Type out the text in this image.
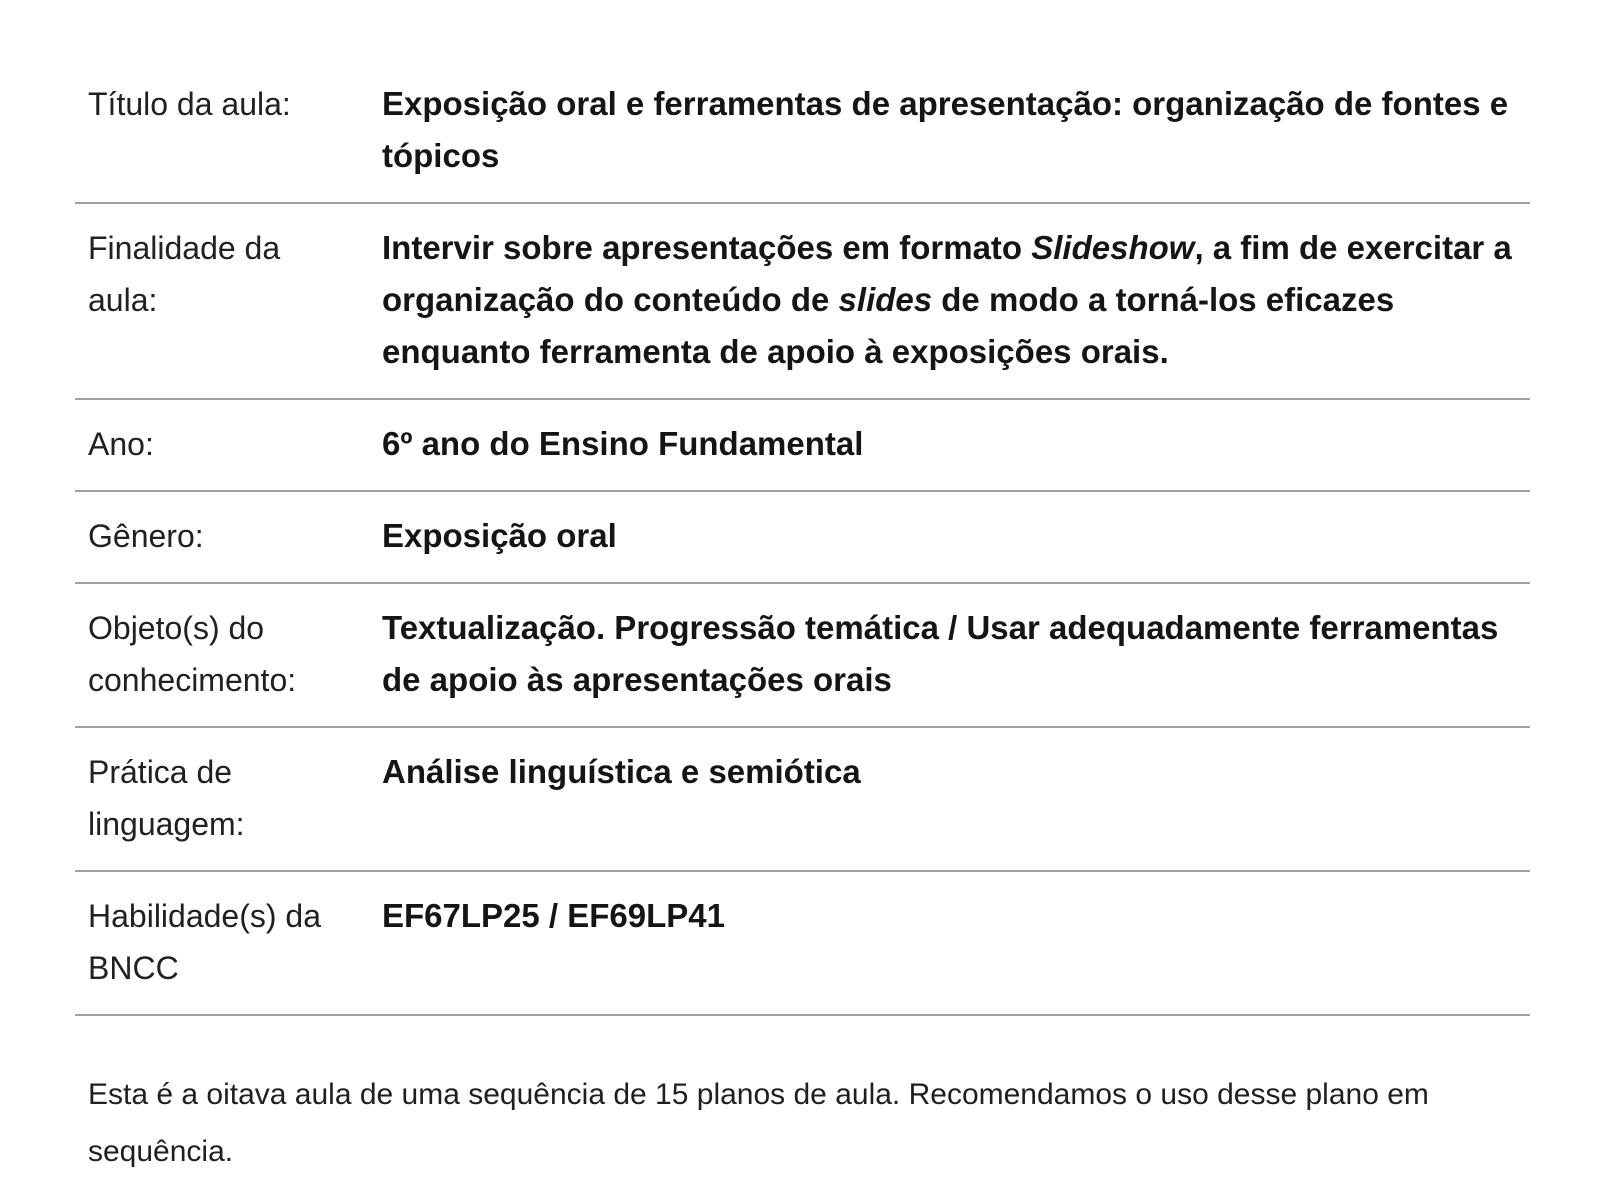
Título da aula:	Exposição oral e ferramentas de apresentação: organização de fontes e tópicos
Finalidade da aula:
Intervir sobre apresentações em formato Slideshow, a fim de exercitar a organização do conteúdo de slides de modo a torná-los eficazes enquanto ferramenta de apoio à exposições orais.
Ano:	6º ano do Ensino Fundamental
Gênero:	Exposição oral
Objeto(s) do conhecimento:
Textualização. Progressão temática / Usar adequadamente ferramentas de apoio às apresentações orais
Prática de linguagem:
Análise linguística e semiótica
Habilidade(s) da BNCC
EF67LP25 / EF69LP41

Esta é a oitava aula de uma sequência de 15 planos de aula. Recomendamos o uso desse plano em sequência.
